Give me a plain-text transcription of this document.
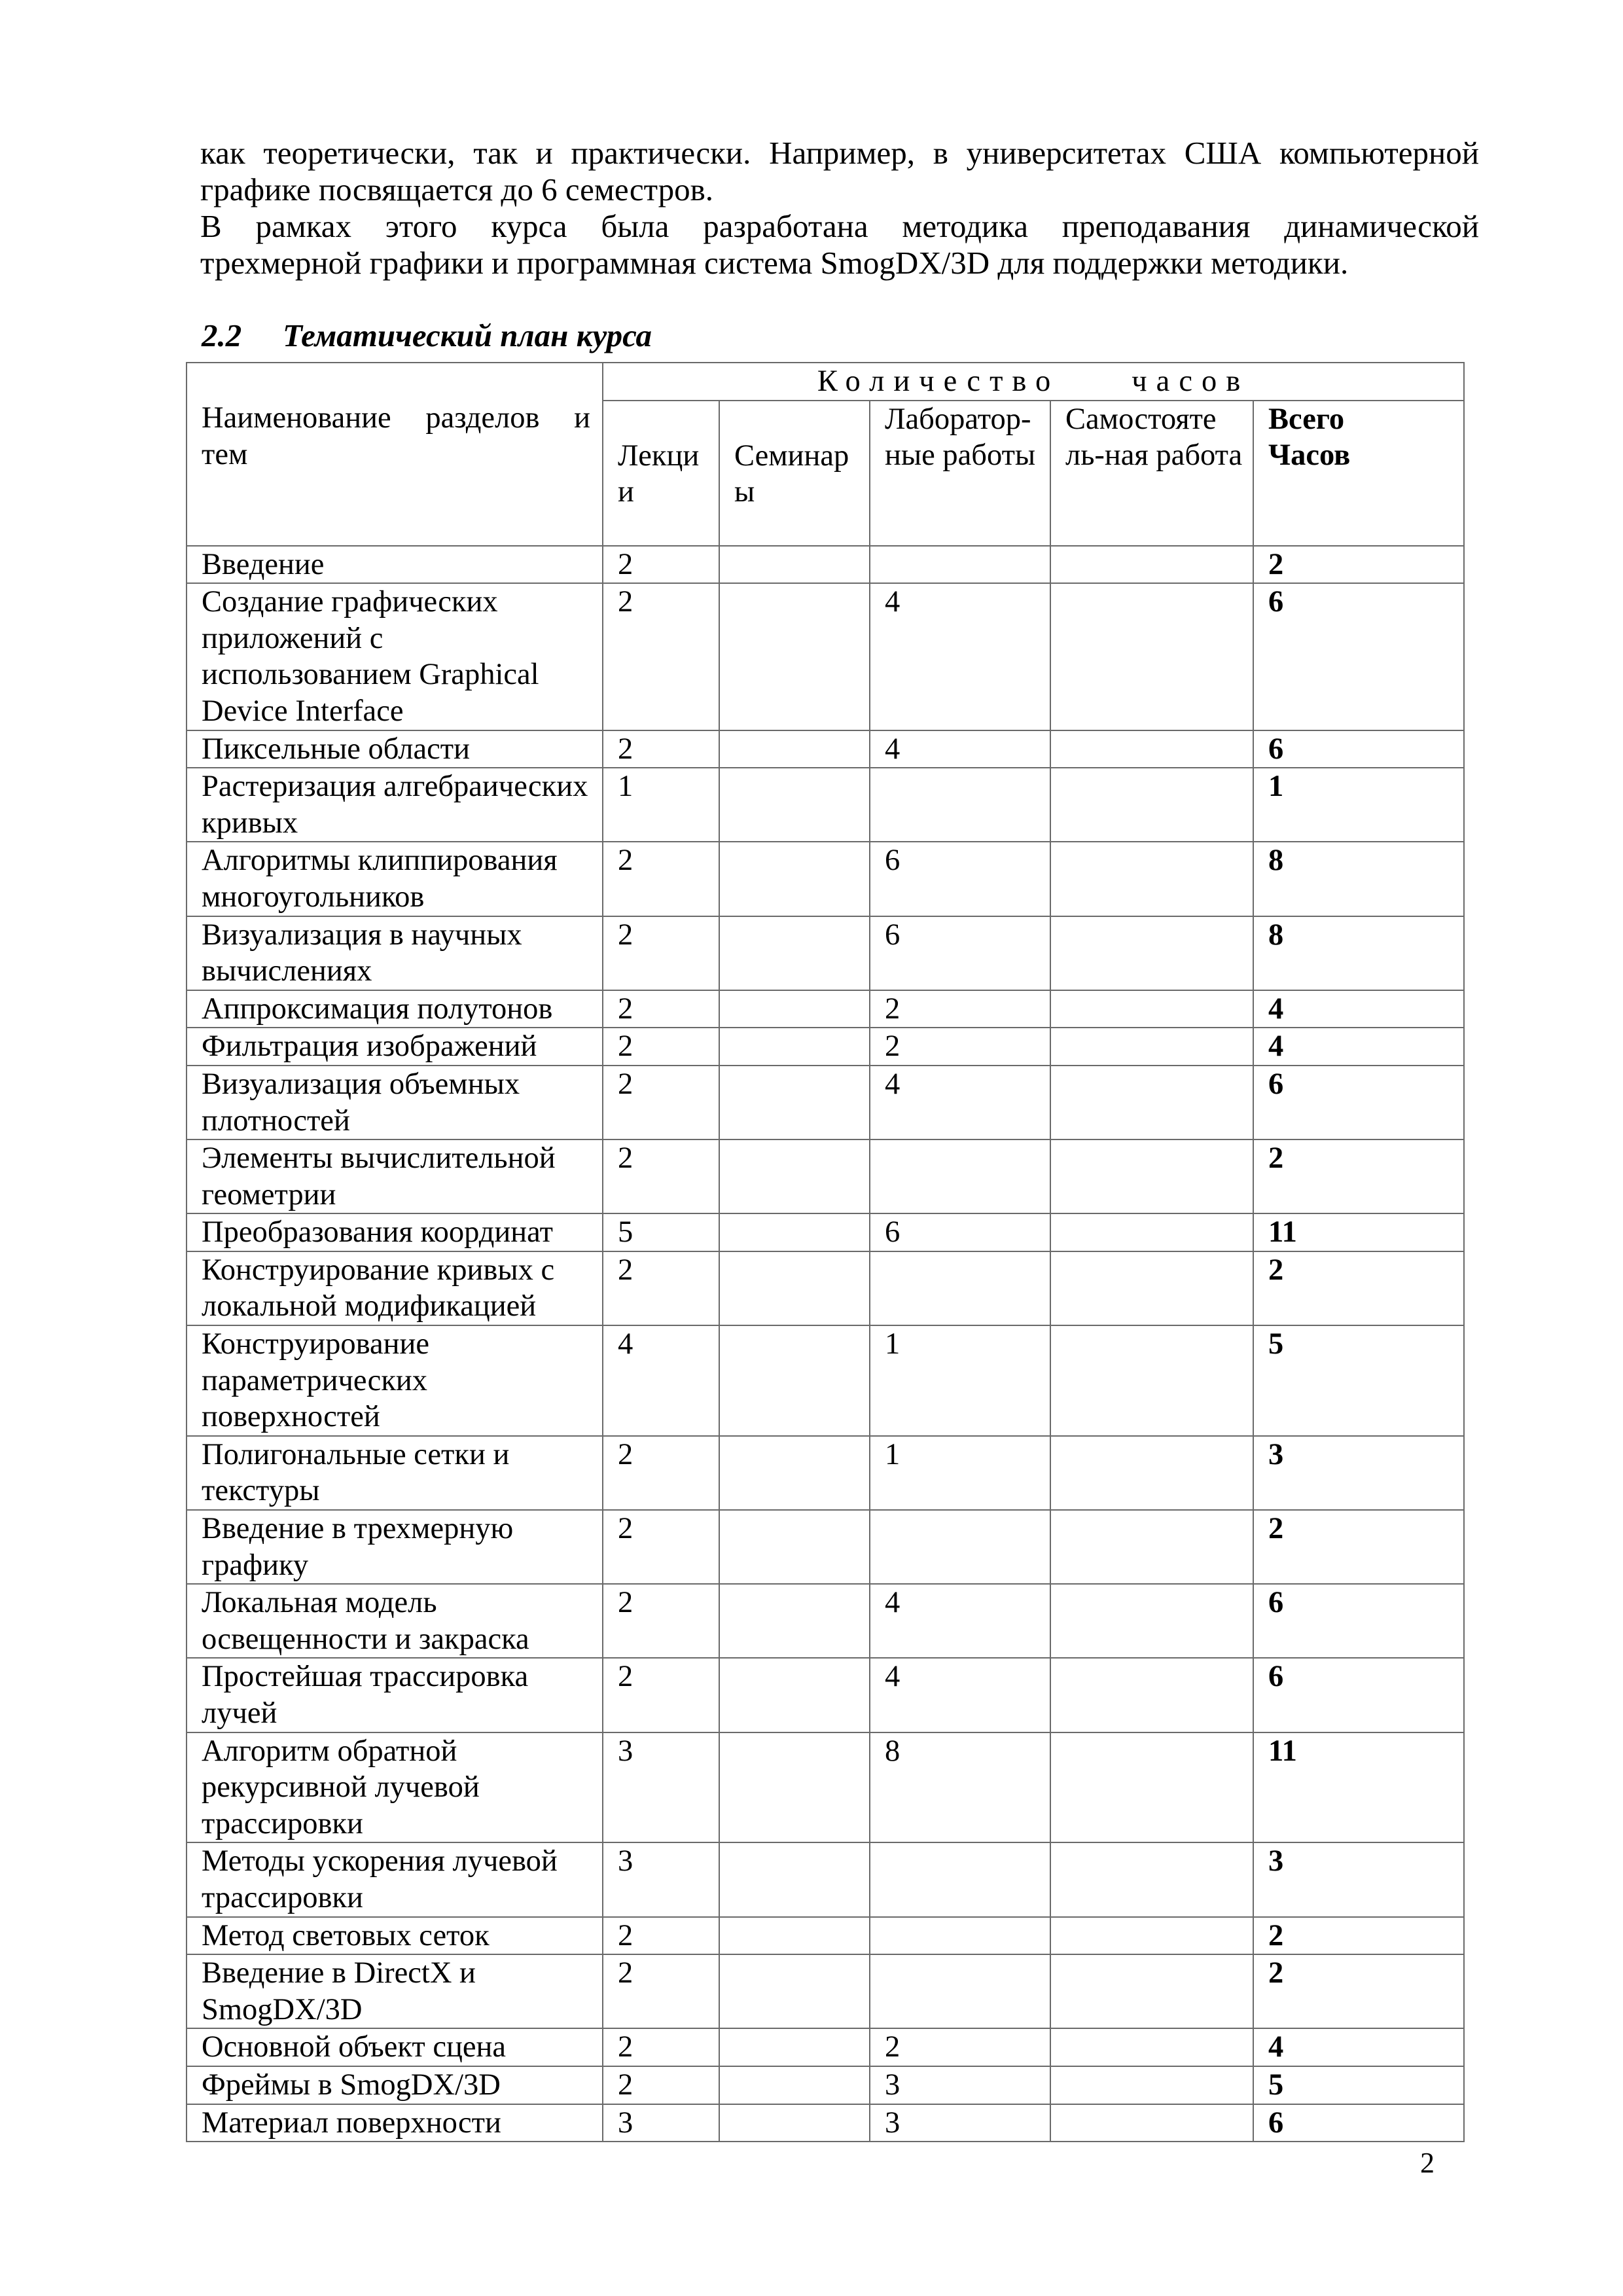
как теоретически, так и практически. Например, в университетах США компьютерной

графике посвящается до 6 семестров.

В рамках этого курса была разработана методика преподавания динамической

трехмерной графики и программная система SmogDX/3D для поддержки методики.

2.2 Тематический план курса
Наименование разделов и
тем	Количество часов				
	Лекции	Семинары	Лаборатор- ные работы	Самостояте ль-ная работа	Всего Часов
Введение	2				2
Создание графических приложений с использованием Graphical Device Interface	2		4		6
Пиксельные области	2		4		6
Растеризация алгебраических кривых	1				1
Алгоритмы клиппирования многоугольников	2		6		8
Визуализация в научных вычислениях	2		6		8
Аппроксимация полутонов	2		2		4
Фильтрация изображений	2		2		4
Визуализация объемных плотностей	2		4		6
Элементы вычислительной геометрии	2				2
Преобразования координат	5		6		11
Конструирование кривых с локальной модификацией	2				2
Конструирование параметрических поверхностей	4		1		5
Полигональные сетки и текстуры	2		1		3
Введение в трехмерную графику	2				2
Локальная модель освещенности и закраска	2		4		6
Простейшая трассировка лучей	2		4		6
Алгоритм обратной рекурсивной лучевой трассировки	3		8		11
Методы ускорения лучевой трассировки	3				3
Метод световых сеток	2				2
Введение в DirectX и SmogDX/3D	2				2
Основной объект сцена	2		2		4
Фреймы в SmogDX/3D	2		3		5
Материал поверхности	3		3		6
2
